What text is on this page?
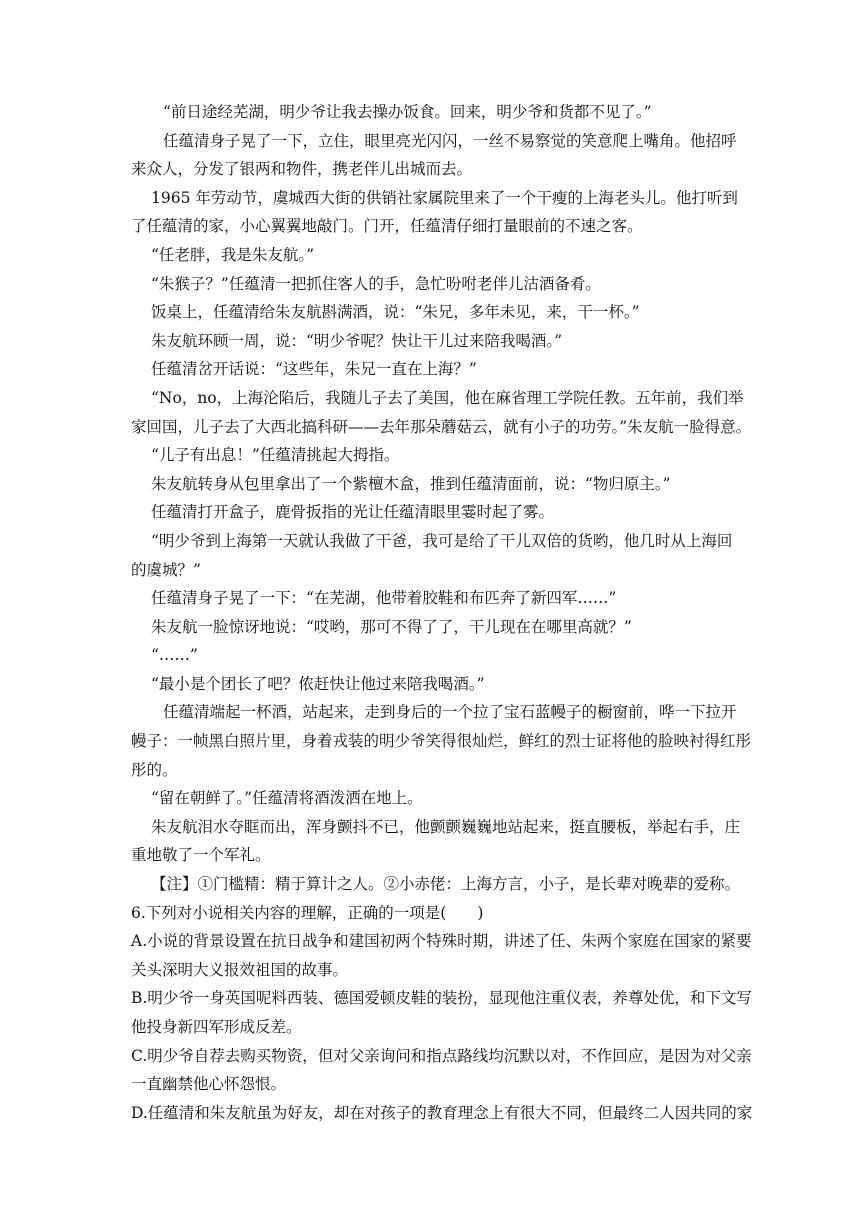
“前日途经芜湖，明少爷让我去操办饭食。回来，明少爷和货都不见了。”
任蕴清身子晃了一下，立住，眼里亮光闪闪，一丝不易察觉的笑意爬上嘴角。他招呼
来众人，分发了银两和物件，携老伴儿出城而去。
1965 年劳动节，虞城西大街的供销社家属院里来了一个干瘦的上海老头儿。他打听到
了任蕴清的家，小心翼翼地敲门。门开，任蕴清仔细打量眼前的不速之客。
“任老胖，我是朱友航。”
“朱猴子？”任蕴清一把抓住客人的手，急忙吩咐老伴儿沽酒备肴。
饭桌上，任蕴清给朱友航斟满酒，说：“朱兄，多年未见，来，干一杯。”
朱友航环顾一周，说：“明少爷呢？快让干儿过来陪我喝酒。”
任蕴清岔开话说：“这些年，朱兄一直在上海？”
“No，no，上海沦陷后，我随儿子去了美国，他在麻省理工学院任教。五年前，我们举
家回国，儿子去了大西北搞科研——去年那朵蘑菇云，就有小子的功劳。”朱友航一脸得意。
“儿子有出息！”任蕴清挑起大拇指。
朱友航转身从包里拿出了一个紫檀木盒，推到任蕴清面前，说：“物归原主。”
任蕴清打开盒子，鹿骨扳指的光让任蕴清眼里霎时起了雾。
“明少爷到上海第一天就认我做了干爸，我可是给了干儿双倍的货哟，他几时从上海回
的虞城？”
任蕴清身子晃了一下：“在芜湖，他带着胶鞋和布匹奔了新四军……”
朱友航一脸惊讶地说：“哎哟，那可不得了了，干儿现在在哪里高就？”
“……”
“最小是个团长了吧？侬赶快让他过来陪我喝酒。”
任蕴清端起一杯酒，站起来，走到身后的一个拉了宝石蓝幔子的橱窗前，哗一下拉开
幔子：一帧黑白照片里，身着戎装的明少爷笑得很灿烂，鲜红的烈士证将他的脸映衬得红彤
彤的。
“留在朝鲜了。”任蕴清将酒泼洒在地上。
朱友航泪水夺眶而出，浑身颤抖不已，他颤颤巍巍地站起来，挺直腰板，举起右手，庄
重地敬了一个军礼。
【注】①门槛精：精于算计之人。②小赤佬：上海方言，小子，是长辈对晚辈的爱称。
6.下列对小说相关内容的理解，正确的一项是(　　)
A.小说的背景设置在抗日战争和建国初两个特殊时期，讲述了任、朱两个家庭在国家的紧要
关头深明大义报效祖国的故事。
B.明少爷一身英国呢料西装、德国爱顿皮鞋的装扮，显现他注重仪表，养尊处优，和下文写
他投身新四军形成反差。
C.明少爷自荐去购买物资，但对父亲询问和指点路线均沉默以对，不作回应，是因为对父亲
一直幽禁他心怀怨恨。
D.任蕴清和朱友航虽为好友，却在对孩子的教育理念上有很大不同，但最终二人因共同的家
